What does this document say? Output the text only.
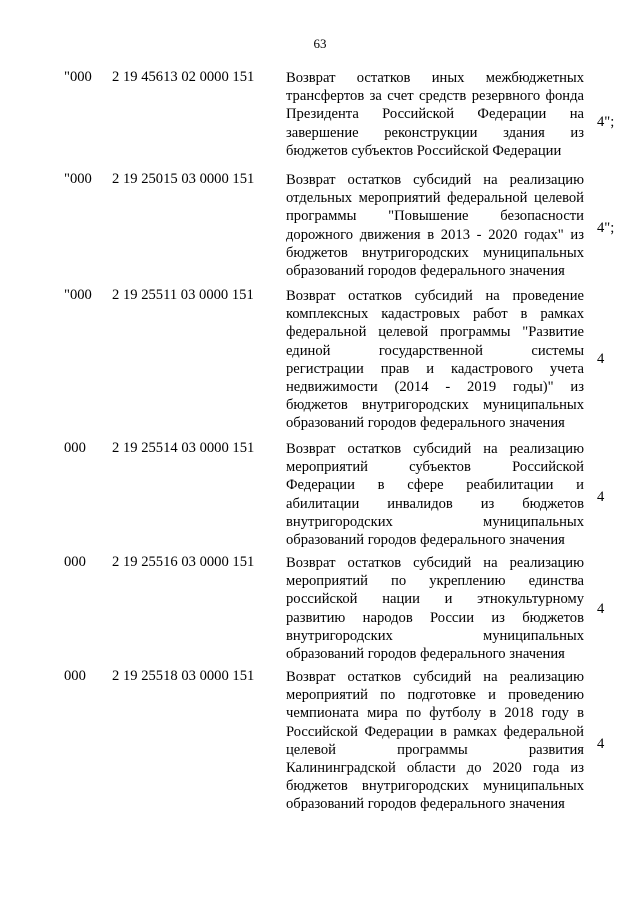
63
"000 2 19 45613 02 0000 151 Возврат остатков иных межбюджетных
трансфертов за счет средств резервного фонда
Президента Российской Федерации на
завершение реконструкции здания из
бюджетов субъектов Российской Федерации
4";
"000 2 19 25015 03 0000 151 Возврат остатков субсидий на реализацию
отдельных мероприятий федеральной целевой
программы "Повышение безопасности
дорожного движения в 2013 - 2020 годах" из
бюджетов внутригородских муниципальных
образований городов федерального значения
4";
"000 2 19 25511 03 0000 151 Возврат остатков субсидий на проведение
комплексных кадастровых работ в рамках
федеральной целевой программы "Развитие
единой государственной системы
регистрации прав и кадастрового учета
недвижимости (2014 - 2019 годы)" из
бюджетов внутригородских муниципальных
образований городов федерального значения
4
000 2 19 25514 03 0000 151 Возврат остатков субсидий на реализацию
мероприятий субъектов Российской
Федерации в сфере реабилитации и
абилитации инвалидов из бюджетов
внутригородских муниципальных
образований городов федерального значения
4
000 2 19 25516 03 0000 151 Возврат остатков субсидий на реализацию
мероприятий по укреплению единства
российской нации и этнокультурному
развитию народов России из бюджетов
внутригородских муниципальных
образований городов федерального значения
4
000 2 19 25518 03 0000 151 Возврат остатков субсидий на реализацию
мероприятий по подготовке и проведению
чемпионата мира по футболу в 2018 году в
Российской Федерации в рамках федеральной
целевой программы развития
Калининградской области до 2020 года из
бюджетов внутригородских муниципальных
образований городов федерального значения
4
